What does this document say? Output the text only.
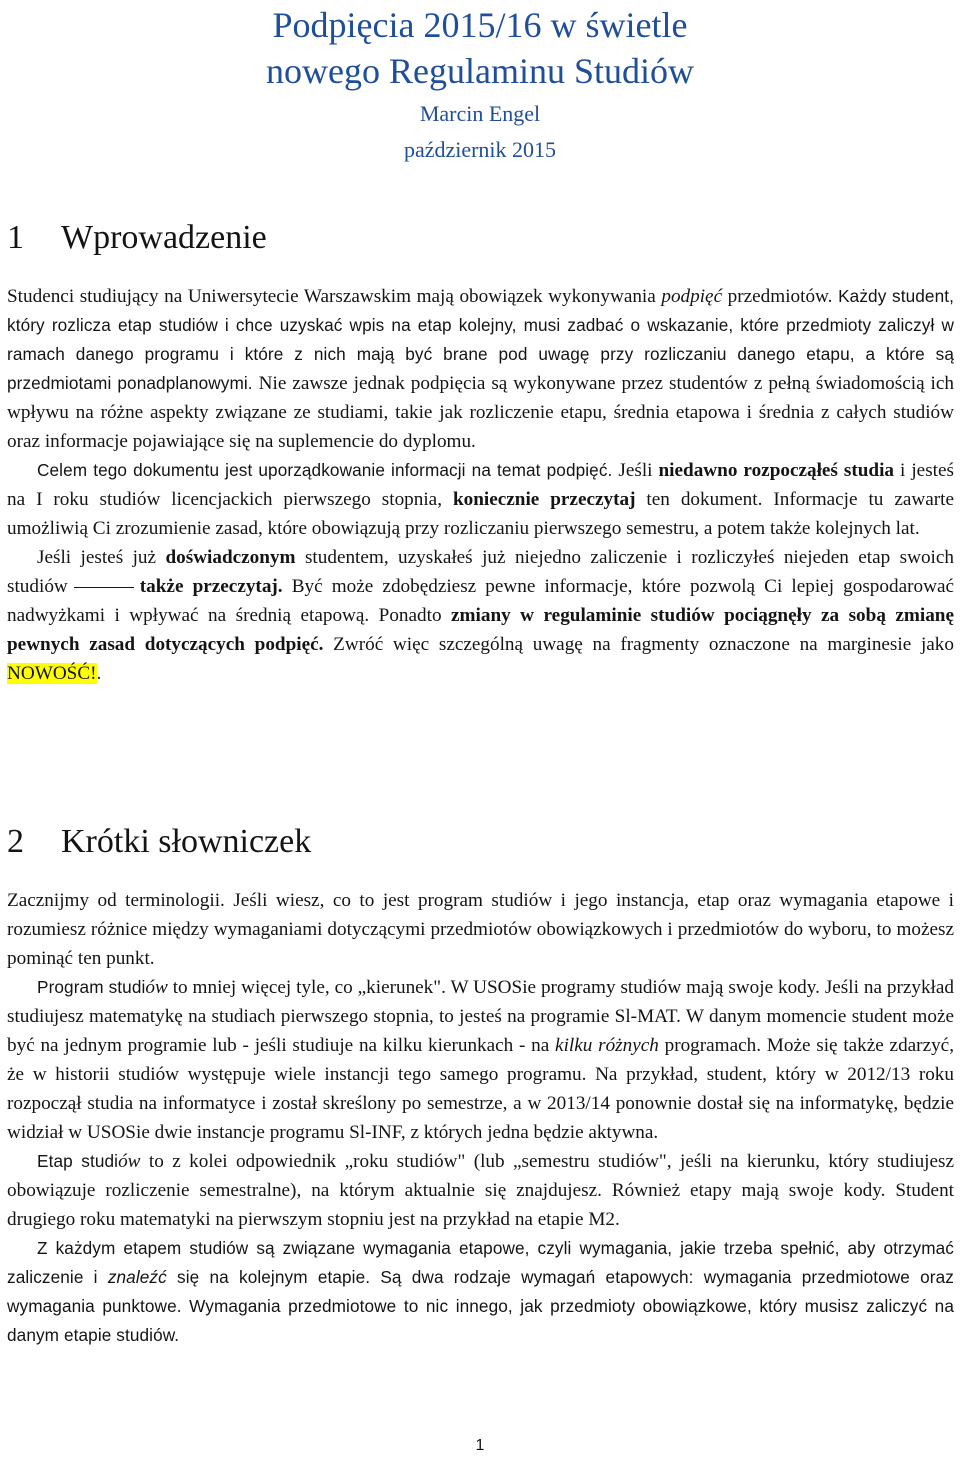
Podpięcia 2015/16 w świetle
nowego Regulaminu Studiów
Marcin Engel
październik 2015
1 Wprowadzenie

Studenci studiujący na Uniwersytecie Warszawskim mają obowiązek wykonywania podpięć przedmiotów. Każdy student, który rozlicza etap studiów i chce uzyskać wpis na etap kolejny, musi zadbać o wskazanie, które przedmioty zaliczył w ramach danego programu i które z nich mają być brane pod uwagę przy rozliczaniu danego etapu, a które są przedmiotami ponadplanowymi. Nie zawsze jednak podpięcia są wykonywane przez studentów z pełną świadomością ich wpływu na różne aspekty związane ze studiami, takie jak rozliczenie etapu, średnia etapowa i średnia z całych studiów oraz informacje pojawiające się na suplemencie do dyplomu.

Celem tego dokumentu jest uporządkowanie informacji na temat podpięć. Jeśli niedawno rozpocząłeś studia i jesteś na I roku studiów licencjackich pierwszego stopnia, koniecznie przeczytaj ten dokument. Informacje tu zawarte umożliwią Ci zrozumienie zasad, które obowiązują przy rozliczaniu pierwszego semestru, a potem także kolejnych lat.

Jeśli jesteś już doświadczonym studentem, uzyskałeś już niejedno zaliczenie i rozliczyłeś niejeden etap swoich studiów	także przeczytaj. Być może zdobędziesz pewne informacje, które pozwolą Ci lepiej gospodarować nadwyżkami i wpływać na średnią etapową. Ponadto zmiany w regulaminie studiów pociągnęły za sobą zmianę pewnych zasad dotyczących podpięć. Zwróć więc szczególną uwagę na fragmenty oznaczone na marginesie jako NOWOŚĆ!.

2 Krótki słowniczek

Zacznijmy od terminologii. Jeśli wiesz, co to jest program studiów i jego instancja, etap oraz wymagania etapowe i rozumiesz różnice między wymaganiami dotyczącymi przedmiotów obowiązkowych i przedmiotów do wyboru, to możesz pominąć ten punkt.

Program studiów to mniej więcej tyle, co „kierunek". W USOSie programy studiów mają swoje kody. Jeśli na przykład studiujesz matematykę na studiach pierwszego stopnia, to jesteś na programie Sl-MAT. W danym momencie student może być na jednym programie lub - jeśli studiuje na kilku kierunkach - na kilku różnych programach. Może się także zdarzyć, że w historii studiów występuje wiele instancji tego samego programu. Na przykład, student, który w 2012/13 roku rozpoczął studia na informatyce i został skreślony po semestrze, a w 2013/14 ponownie dostał się na informatykę, będzie widział w USOSie dwie instancje programu Sl-INF, z których jedna będzie aktywna.

Etap studiów to z kolei odpowiednik „roku studiów" (lub „semestru studiów", jeśli na kierunku, który studiujesz obowiązuje rozliczenie semestralne), na którym aktualnie się znajdujesz. Również etapy mają swoje kody. Student drugiego roku matematyki na pierwszym stopniu jest na przykład na etapie M2.

Z każdym etapem studiów są związane wymagania etapowe, czyli wymagania, jakie trzeba spełnić, aby otrzymać zaliczenie i znaleźć się na kolejnym etapie. Są dwa rodzaje wymagań etapowych: wymagania przedmiotowe oraz wymagania punktowe. Wymagania przedmiotowe to nic innego, jak przedmioty obowiązkowe, który musisz zaliczyć na danym etapie studiów.

1
